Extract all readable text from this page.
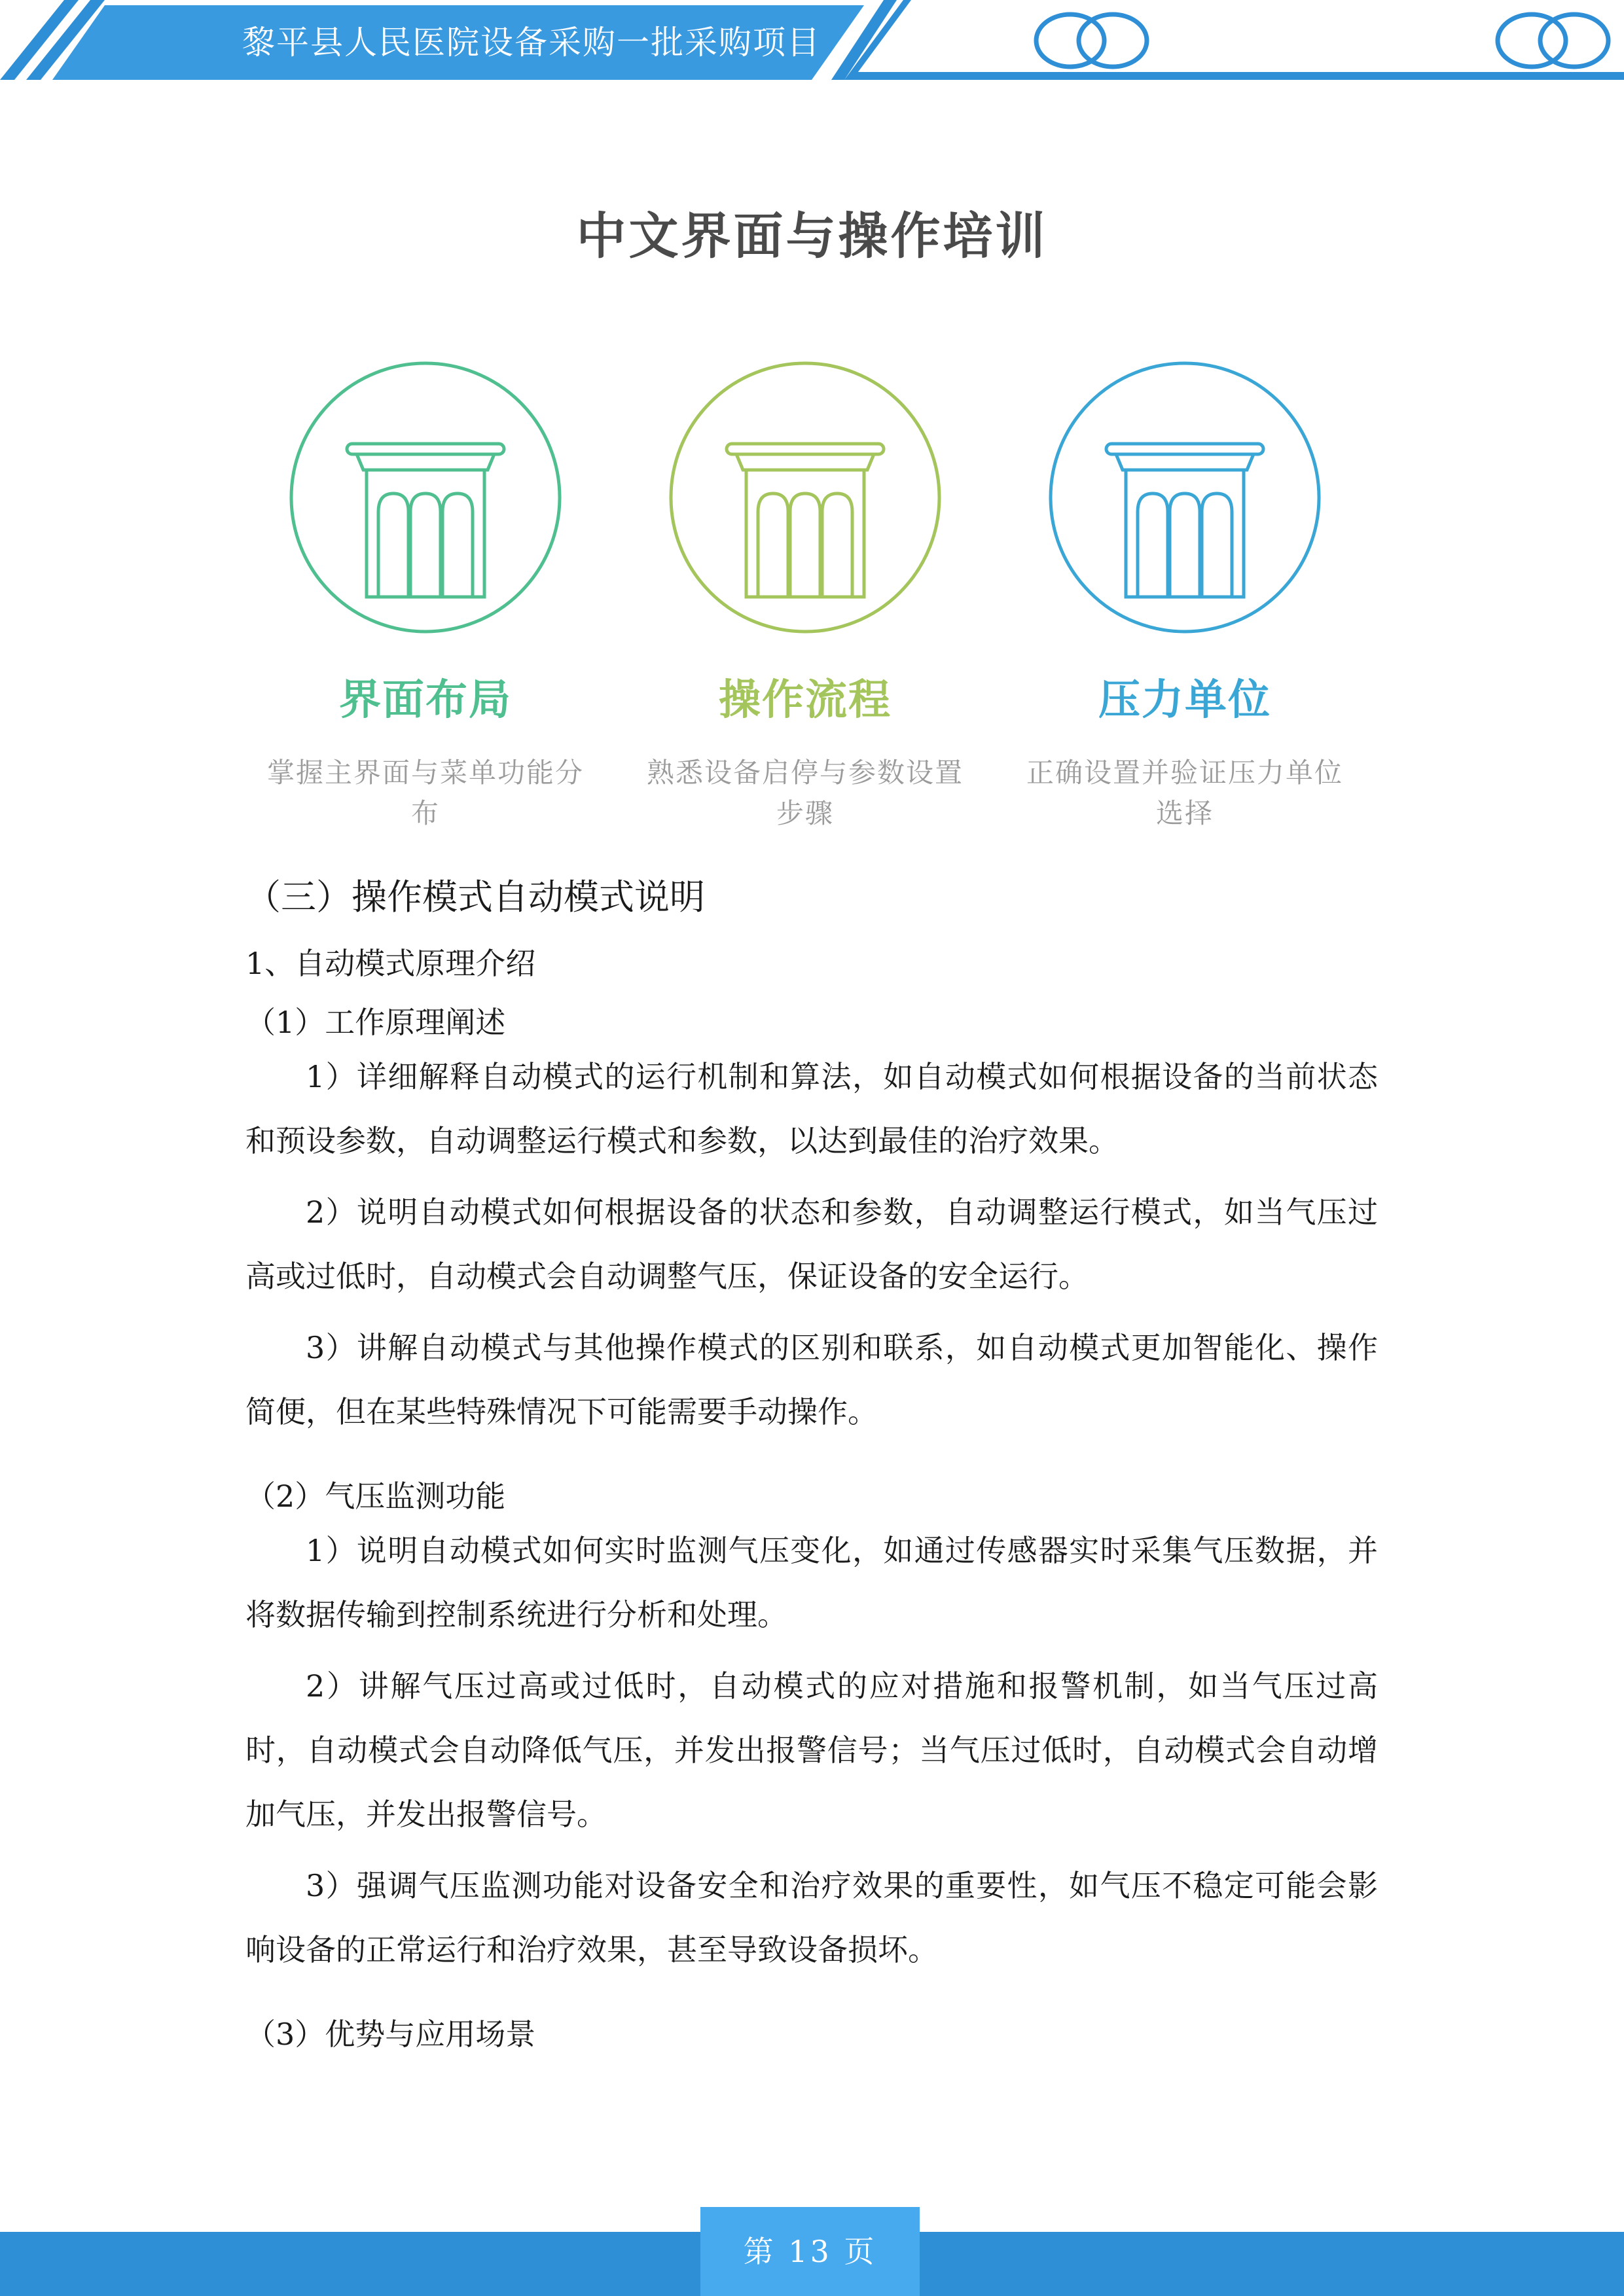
黎平县人民医院设备采购一批采购项目
中文界面与操作培训
界面布局
掌握主界面与菜单功能分布
操作流程
熟悉设备启停与参数设置步骤
压力单位
正确设置并验证压力单位选择
（三）操作模式自动模式说明
1、自动模式原理介绍
（1）工作原理阐述
1）详细解释自动模式的运行机制和算法，如自动模式如何根据设备的当前状态和预设参数，自动调整运行模式和参数，以达到最佳的治疗效果。
2）说明自动模式如何根据设备的状态和参数，自动调整运行模式，如当气压过高或过低时，自动模式会自动调整气压，保证设备的安全运行。
3）讲解自动模式与其他操作模式的区别和联系，如自动模式更加智能化、操作简便，但在某些特殊情况下可能需要手动操作。
（2）气压监测功能
1）说明自动模式如何实时监测气压变化，如通过传感器实时采集气压数据，并将数据传输到控制系统进行分析和处理。
2）讲解气压过高或过低时，自动模式的应对措施和报警机制，如当气压过高时，自动模式会自动降低气压，并发出报警信号；当气压过低时，自动模式会自动增加气压，并发出报警信号。
3）强调气压监测功能对设备安全和治疗效果的重要性，如气压不稳定可能会影响设备的正常运行和治疗效果，甚至导致设备损坏。
（3）优势与应用场景
第 13 页
